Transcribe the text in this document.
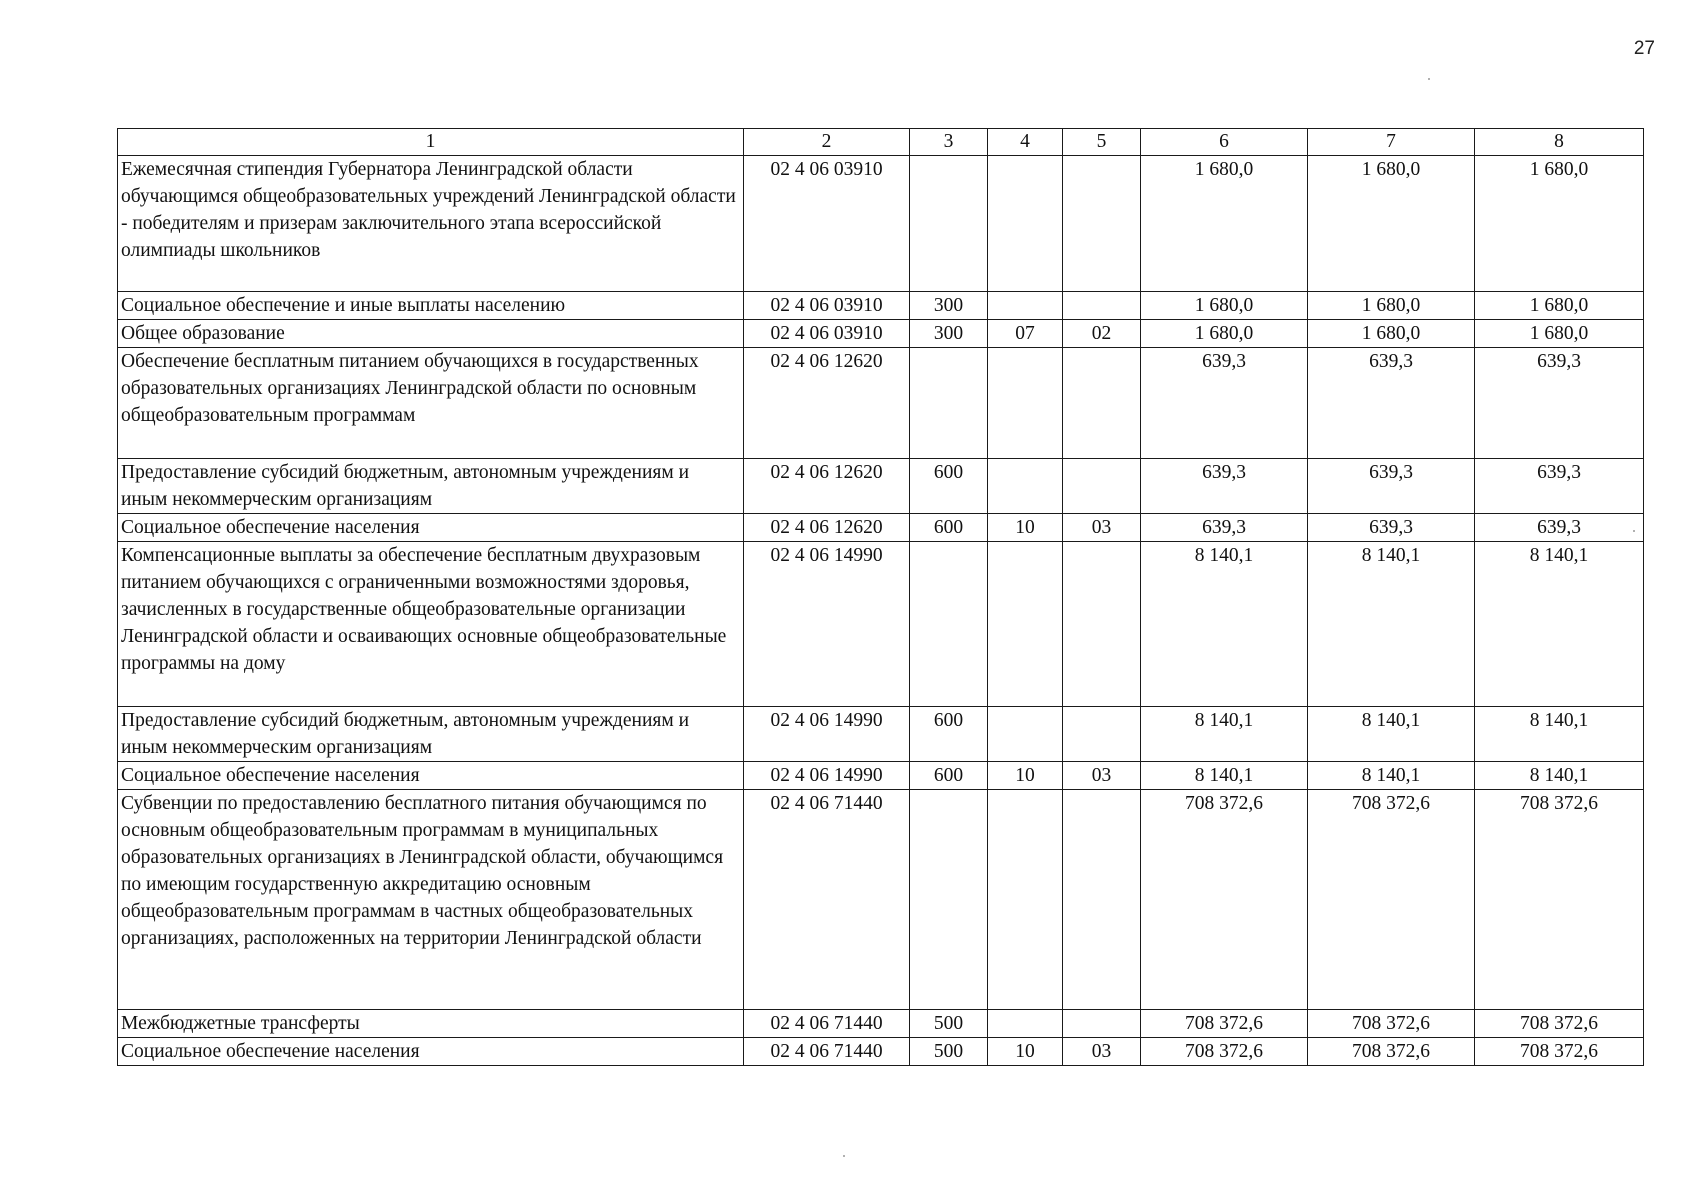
27
1	2	3	4	5	6	7	8
Ежемесячная стипендия Губернатора Ленинградской области обучающимся общеобразовательных учреждений Ленинградской области - победителям и призерам заключительного этапа всероссийской олимпиады школьников	02 4 06 03910				1 680,0	1 680,0	1 680,0
Социальное обеспечение и иные выплаты населению	02 4 06 03910	300			1 680,0	1 680,0	1 680,0
Общее образование	02 4 06 03910	300	07	02	1 680,0	1 680,0	1 680,0
Обеспечение бесплатным питанием обучающихся в государственных образовательных организациях Ленинградской области по основным общеобразовательным программам	02 4 06 12620				639,3	639,3	639,3
Предоставление субсидий бюджетным, автономным учреждениям и иным некоммерческим организациям	02 4 06 12620	600			639,3	639,3	639,3
Социальное обеспечение населения	02 4 06 12620	600	10	03	639,3	639,3	639,3
Компенсационные выплаты за обеспечение бесплатным двухразовым питанием обучающихся с ограниченными возможностями здоровья, зачисленных в государственные общеобразовательные организации Ленинградской области и осваивающих основные общеобразовательные программы на дому	02 4 06 14990				8 140,1	8 140,1	8 140,1
Предоставление субсидий бюджетным, автономным учреждениям и иным некоммерческим организациям	02 4 06 14990	600			8 140,1	8 140,1	8 140,1
Социальное обеспечение населения	02 4 06 14990	600	10	03	8 140,1	8 140,1	8 140,1
Субвенции по предоставлению бесплатного питания обучающимся по основным общеобразовательным программам в муниципальных образовательных организациях в Ленинградской области, обучающимся по имеющим государственную аккредитацию основным общеобразовательным программам в частных общеобразовательных организациях, расположенных на территории Ленинградской области	02 4 06 71440				708 372,6	708 372,6	708 372,6
Межбюджетные трансферты	02 4 06 71440	500			708 372,6	708 372,6	708 372,6
Социальное обеспечение населения	02 4 06 71440	500	10	03	708 372,6	708 372,6	708 372,6
